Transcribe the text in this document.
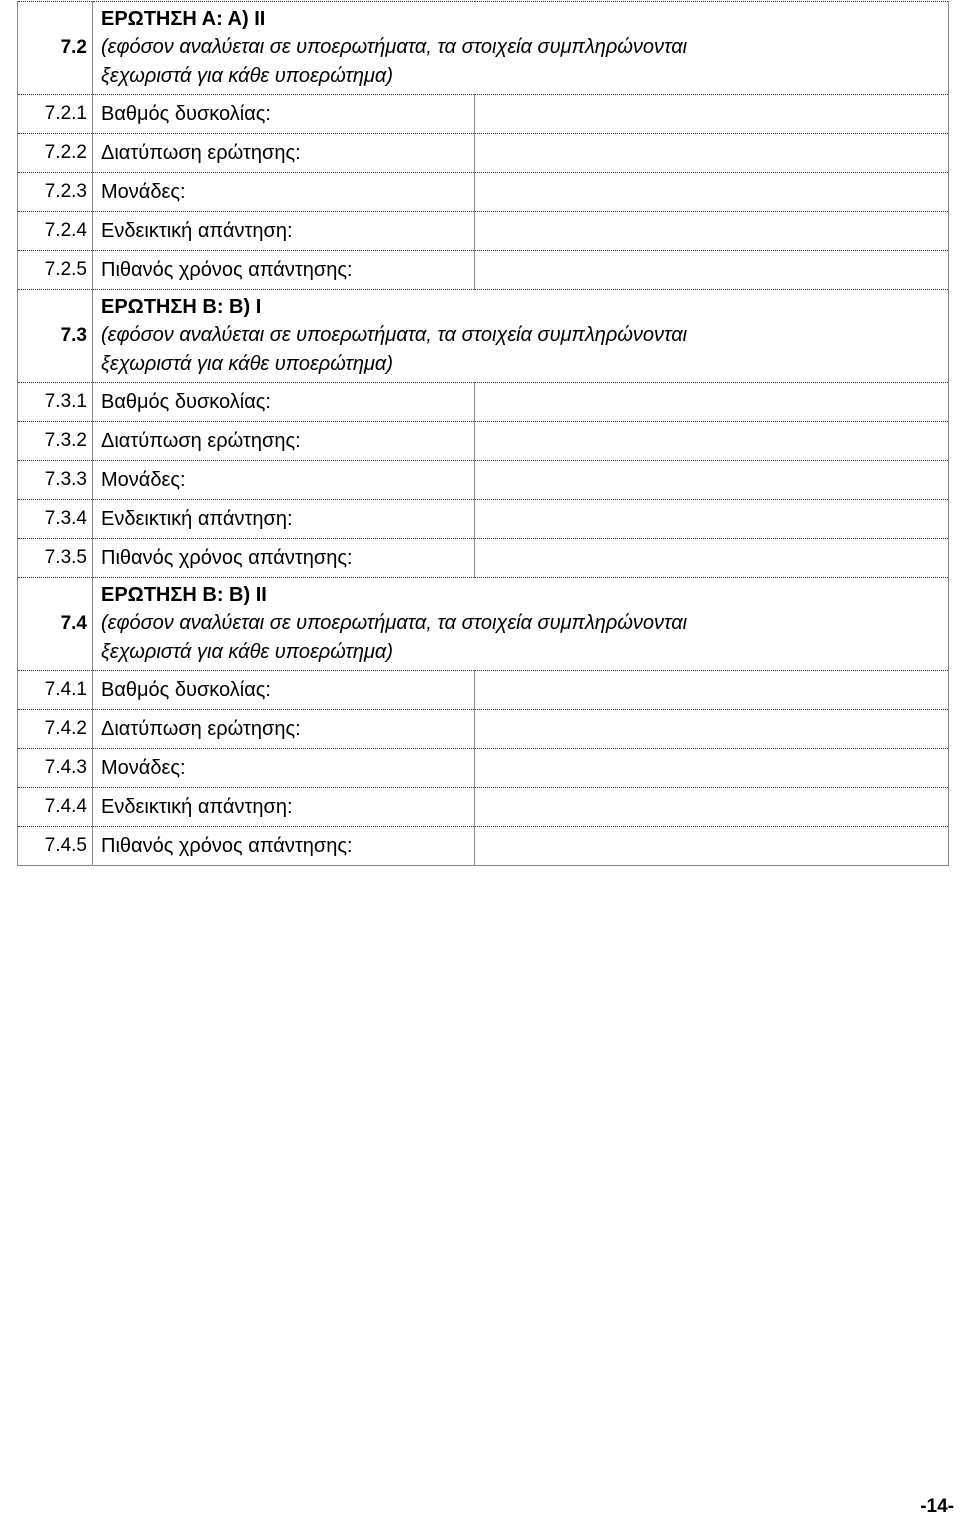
7.2	ΕΡΩΤΗΣΗ Α: Α) ΙΙ
(εφόσον αναλύεται σε υποερωτήματα, τα στοιχεία συμπληρώνονται
ξεχωριστά για κάθε υποερώτημα)	

7.2.1	Βαθμός δυσκολίας:	
7.2.2	Διατύπωση ερώτησης:	
7.2.3	Μονάδες:	
7.2.4	Ενδεικτική απάντηση:	
7.2.5	Πιθανός χρόνος απάντησης:	
7.3	ΕΡΩΤΗΣΗ Β: Β) Ι
(εφόσον αναλύεται σε υποερωτήματα, τα στοιχεία συμπληρώνονται
ξεχωριστά για κάθε υποερώτημα)	

7.3.1	Βαθμός δυσκολίας:	
7.3.2	Διατύπωση ερώτησης:	
7.3.3	Μονάδες:	
7.3.4	Ενδεικτική απάντηση:	
7.3.5	Πιθανός χρόνος απάντησης:	
7.4	ΕΡΩΤΗΣΗ Β: Β) ΙΙ
(εφόσον αναλύεται σε υποερωτήματα, τα στοιχεία συμπληρώνονται
ξεχωριστά για κάθε υποερώτημα)	

7.4.1	Βαθμός δυσκολίας:	
7.4.2	Διατύπωση ερώτησης:	
7.4.3	Μονάδες:	
7.4.4	Ενδεικτική απάντηση:	
7.4.5	Πιθανός χρόνος απάντησης:	
-14-
